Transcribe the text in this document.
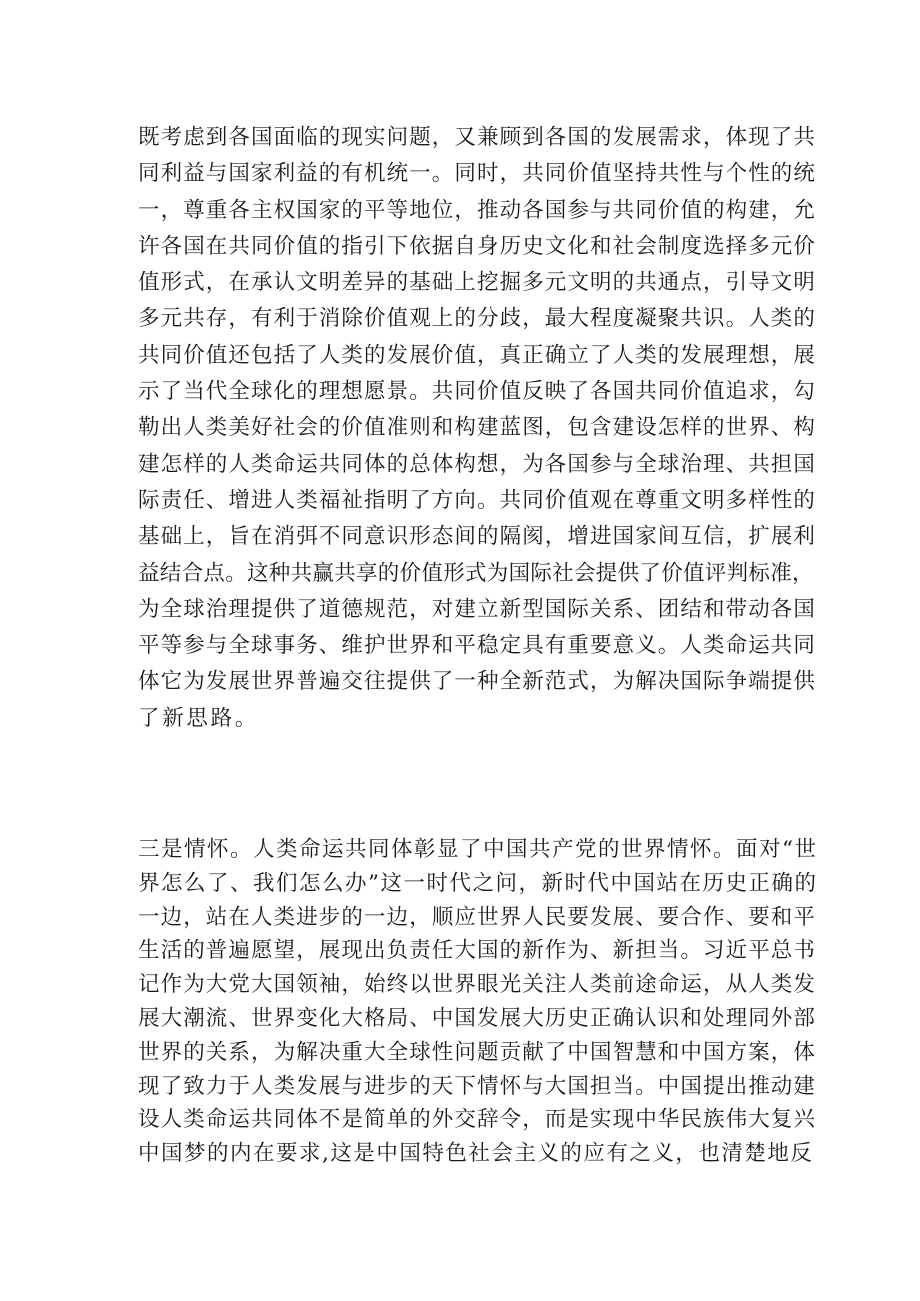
既考虑到各国面临的现实问题，又兼顾到各国的发展需求，体现了共
同利益与国家利益的有机统一。同时，共同价值坚持共性与个性的统
一，尊重各主权国家的平等地位，推动各国参与共同价值的构建，允
许各国在共同价值的指引下依据自身历史文化和社会制度选择多元价
值形式，在承认文明差异的基础上挖掘多元文明的共通点，引导文明
多元共存，有利于消除价值观上的分歧，最大程度凝聚共识。人类的
共同价值还包括了人类的发展价值，真正确立了人类的发展理想，展
示了当代全球化的理想愿景。共同价值反映了各国共同价值追求，勾
勒出人类美好社会的价值准则和构建蓝图，包含建设怎样的世界、构
建怎样的人类命运共同体的总体构想，为各国参与全球治理、共担国
际责任、增进人类福祉指明了方向。共同价值观在尊重文明多样性的
基础上，旨在消弭不同意识形态间的隔阂，增进国家间互信，扩展利
益结合点。这种共赢共享的价值形式为国际社会提供了价值评判标准，
为全球治理提供了道德规范，对建立新型国际关系、团结和带动各国
平等参与全球事务、维护世界和平稳定具有重要意义。人类命运共同
体它为发展世界普遍交往提供了一种全新范式，为解决国际争端提供
了新思路。
三是情怀。人类命运共同体彰显了中国共产党的世界情怀。面对“世
界怎么了、我们怎么办”这一时代之问，新时代中国站在历史正确的
一边，站在人类进步的一边，顺应世界人民要发展、要合作、要和平
生活的普遍愿望，展现出负责任大国的新作为、新担当。习近平总书
记作为大党大国领袖，始终以世界眼光关注人类前途命运，从人类发
展大潮流、世界变化大格局、中国发展大历史正确认识和处理同外部
世界的关系，为解决重大全球性问题贡献了中国智慧和中国方案，体
现了致力于人类发展与进步的天下情怀与大国担当。中国提出推动建
设人类命运共同体不是简单的外交辞令，而是实现中华民族伟大复兴
中国梦的内在要求,这是中国特色社会主义的应有之义，也清楚地反
